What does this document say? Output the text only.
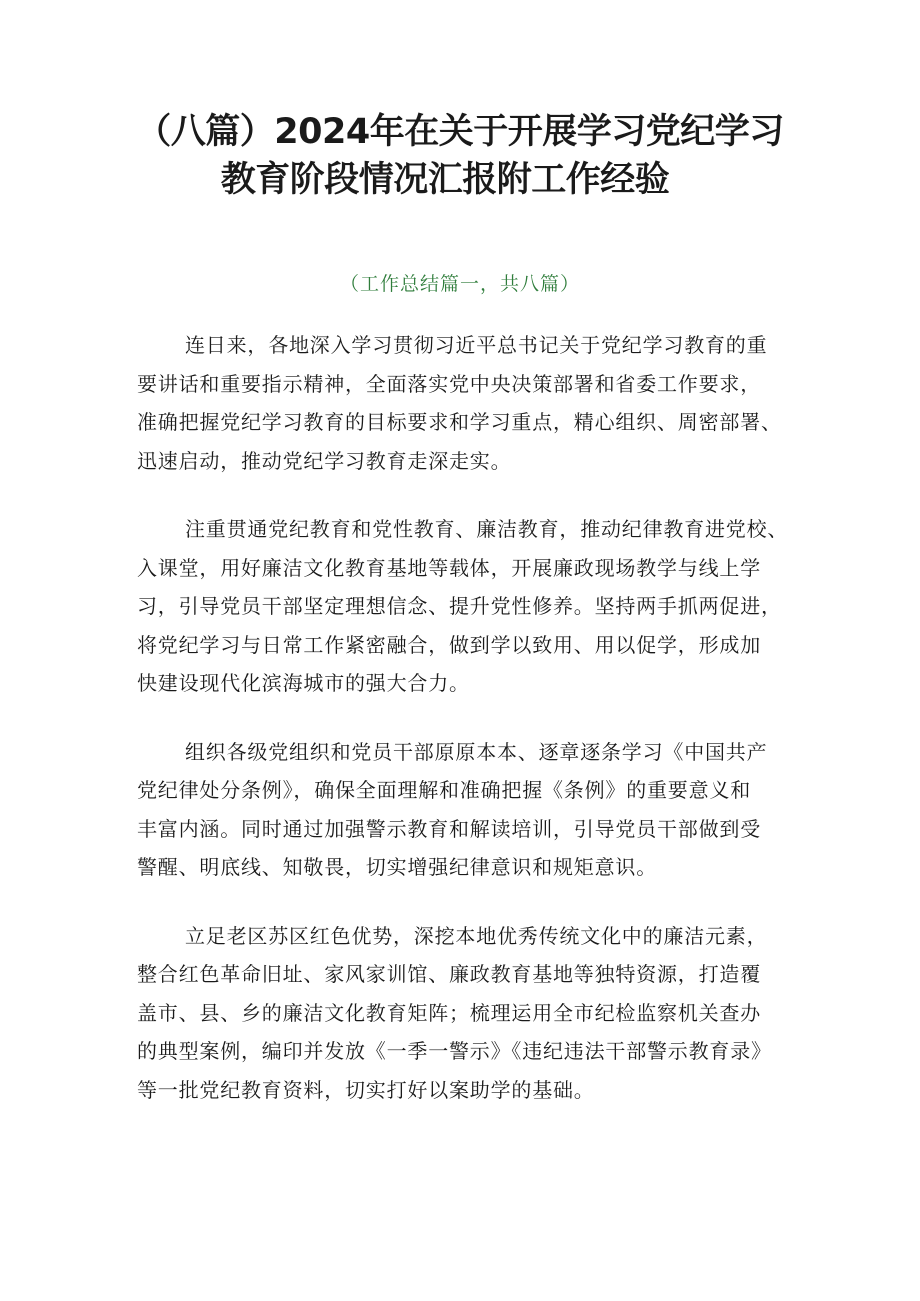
（八篇）2024年在关于开展学习党纪学习
教育阶段情况汇报附工作经验
（工作总结篇一，共八篇）

连日来，各地深入学习贯彻习近平总书记关于党纪学习教育的重
要讲话和重要指示精神，全面落实党中央决策部署和省委工作要求，
准确把握党纪学习教育的目标要求和学习重点，精心组织、周密部署、
迅速启动，推动党纪学习教育走深走实。

注重贯通党纪教育和党性教育、廉洁教育，推动纪律教育进党校、
入课堂，用好廉洁文化教育基地等载体，开展廉政现场教学与线上学
习，引导党员干部坚定理想信念、提升党性修养。坚持两手抓两促进，
将党纪学习与日常工作紧密融合，做到学以致用、用以促学，形成加
快建设现代化滨海城市的强大合力。

组织各级党组织和党员干部原原本本、逐章逐条学习《中国共产
党纪律处分条例》，确保全面理解和准确把握《条例》的重要意义和
丰富内涵。同时通过加强警示教育和解读培训，引导党员干部做到受
警醒、明底线、知敬畏，切实增强纪律意识和规矩意识。

立足老区苏区红色优势，深挖本地优秀传统文化中的廉洁元素，
整合红色革命旧址、家风家训馆、廉政教育基地等独特资源，打造覆
盖市、县、乡的廉洁文化教育矩阵；梳理运用全市纪检监察机关查办
的典型案例，编印并发放《一季一警示》《违纪违法干部警示教育录》
等一批党纪教育资料，切实打好以案助学的基础。
